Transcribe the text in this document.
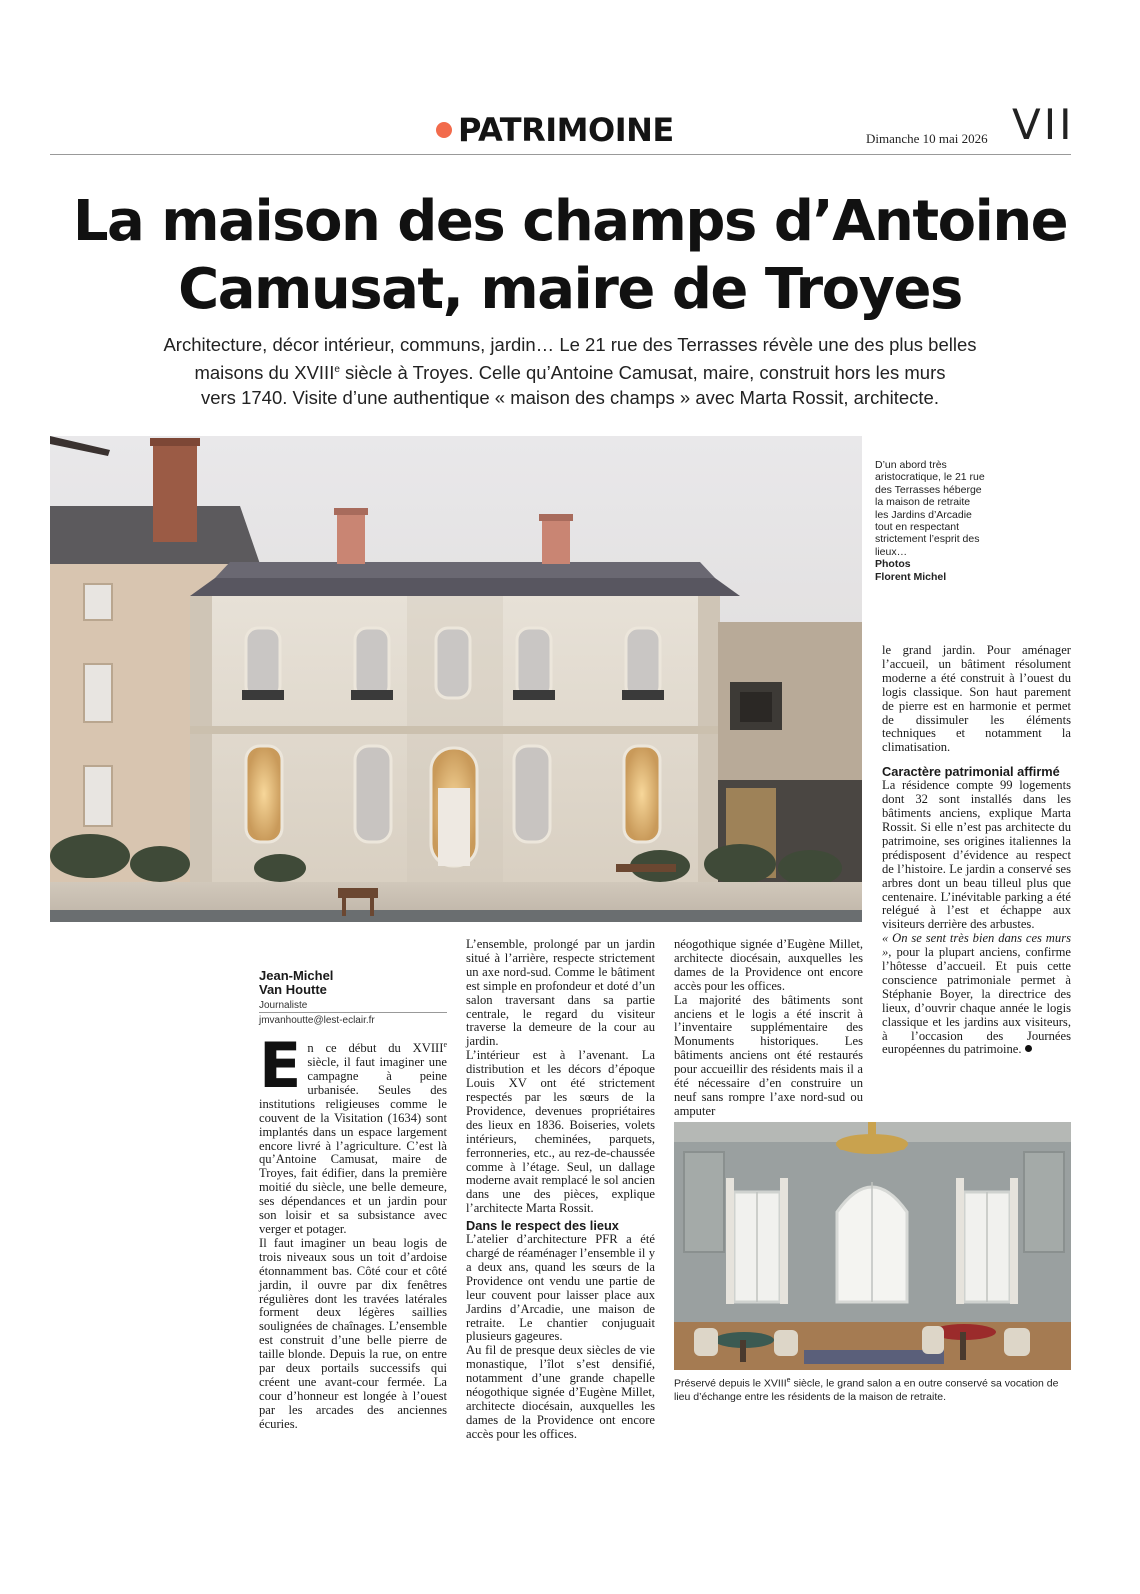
PATRIMOINE	Dimanche 10 mai 2026 VII
La maison des champs d’Antoine
Camusat, maire de Troyes
Architecture, décor intérieur, communs, jardin… Le 21 rue des Terrasses révèle une des plus belles
maisons du XVIIIe siècle à Troyes. Celle qu’Antoine Camusat, maire, construit hors les murs
vers 1740. Visite d’une authentique « maison des champs » avec Marta Rossit, architecte.
D’un abord très aristocratique, le 21 rue des Terrasses héberge la maison de retraite les Jardins d’Arcadie tout en respectant strictement l’esprit des lieux…
Photos
Florent Michel
Jean-Michel
Van Houtte
Journaliste
jmvanhoutte@lest-eclair.fr

En ce début du XVIIIe siècle, il faut imaginer une campagne à peine urbanisée. Seules des institutions religieuses comme le couvent de la Visitation (1634) sont implantés dans un espace largement encore livré à l’agriculture. C’est là qu’Antoine Camusat, maire de Troyes, fait édifier, dans la première moitié du siècle, une belle demeure, ses dépendances et un jardin pour son loisir et sa subsistance avec verger et potager.

Il faut imaginer un beau logis de trois niveaux sous un toit d’ardoise étonnamment bas. Côté cour et côté jardin, il ouvre par dix fenêtres régulières dont les travées latérales forment deux légères saillies soulignées de chaînages. L’ensemble est construit d’une belle pierre de taille blonde. Depuis la rue, on entre par deux portails successifs qui créent une avant-cour fermée. La cour d’honneur est longée à l’ouest par les arcades des anciennes écuries.

L’ensemble, prolongé par un jardin situé à l’arrière, respecte strictement un axe nord-sud. Comme le bâtiment est simple en profondeur et doté d’un salon traversant dans sa partie centrale, le regard du visiteur traverse la demeure de la cour au jardin.

L’intérieur est à l’avenant. La distribution et les décors d’époque Louis XV ont été strictement respectés par les sœurs de la Providence, devenues propriétaires des lieux en 1836. Boiseries, volets intérieurs, cheminées, parquets, ferronneries, etc., au rez-de-chaussée comme à l’étage. Seul, un dallage moderne avait remplacé le sol ancien dans une des pièces, explique l’architecte Marta Rossit.

Dans le respect des lieux

L’atelier d’architecture PFR a été chargé de réaménager l’ensemble il y a deux ans, quand les sœurs de la Providence ont vendu une partie de leur couvent pour laisser place aux Jardins d’Arcadie, une maison de retraite. Le chantier conjuguait plusieurs gageures.

Au fil de presque deux siècles de vie monastique, l’îlot s’est densifié, notamment d’une grande chapelle néogothique signée d’Eugène Millet, architecte diocésain, auxquelles les dames de la Providence ont encore accès pour les offices.

néogothique signée d’Eugène Millet, architecte diocésain, auxquelles les dames de la Providence ont encore accès pour les offices.

La majorité des bâtiments sont anciens et le logis a été inscrit à l’inventaire supplémentaire des Monuments historiques. Les bâtiments anciens ont été restaurés pour accueillir des résidents mais il a été nécessaire d’en construire un neuf sans rompre l’axe nord-sud ou amputer

le grand jardin. Pour aménager l’accueil, un bâtiment résolument moderne a été construit à l’ouest du logis classique. Son haut parement de pierre est en harmonie et permet de dissimuler les éléments techniques et notamment la climatisation.

Caractère patrimonial affirmé

La résidence compte 99 logements dont 32 sont installés dans les bâtiments anciens, explique Marta Rossit. Si elle n’est pas architecte du patrimoine, ses origines italiennes la prédisposent d’évidence au respect de l’histoire. Le jardin a conservé ses arbres dont un beau tilleul plus que centenaire. L’inévitable parking a été relégué à l’est et échappe aux visiteurs derrière des arbustes.

« On se sent très bien dans ces murs », pour la plupart anciens, confirme l’hôtesse d’accueil. Et puis cette conscience patrimoniale permet à Stéphanie Boyer, la directrice des lieux, d’ouvrir chaque année le logis classique et les jardins aux visiteurs, à l’occasion des Journées européennes du patrimoine.

Préservé depuis le XVIIIe siècle, le grand salon a en outre conservé sa vocation de lieu d’échange entre les résidents de la maison de retraite.
